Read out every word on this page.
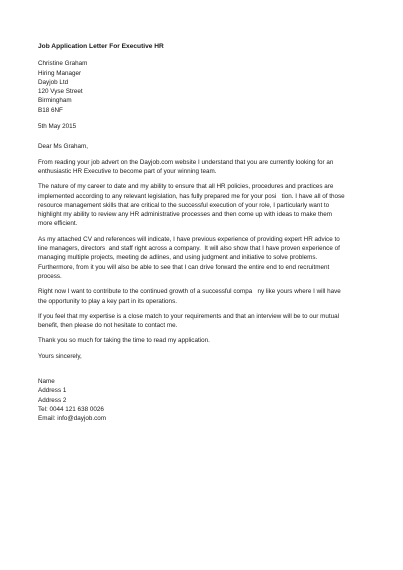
Job Application Letter For Executive HR
Christine Graham
Hiring Manager
Dayjob Ltd
120 Vyse Street
Birmingham
B18 6NF
5th May 2015
Dear Ms Graham,
From reading your job advert on the Dayjob.com website I understand that you are currently looking for an
enthusiastic HR Executive to become part of your winning team.
The nature of my career to date and my ability to ensure that all HR policies, procedures and practices are
implemented according to any relevant legislation, has fully prepared me for your posi   tion. I have all of those
resource management skills that are critical to the successful execution of your role, I particularly want to
highlight my ability to review any HR administrative processes and then come up with ideas to make them
more efficient.
As my attached CV and references will indicate, I have previous experience of providing expert HR advice to
line managers, directors  and staff right across a company.  It will also show that I have proven experience of
managing multiple projects, meeting de adlines, and using judgment and initiative to solve problems.
Furthermore, from it you will also be able to see that I can drive forward the entire end to end recruitment
process.
Right now I want to contribute to the continued growth of a successful compa   ny like yours where I will have
the opportunity to play a key part in its operations.
If you feel that my expertise is a close match to your requirements and that an interview will be to our mutual
benefit, then please do not hesitate to contact me.
Thank you so much for taking the time to read my application.
Yours sincerely,
Name
Address 1
Address 2
Tel: 0044 121 638 0026
Email: info@dayjob.com
